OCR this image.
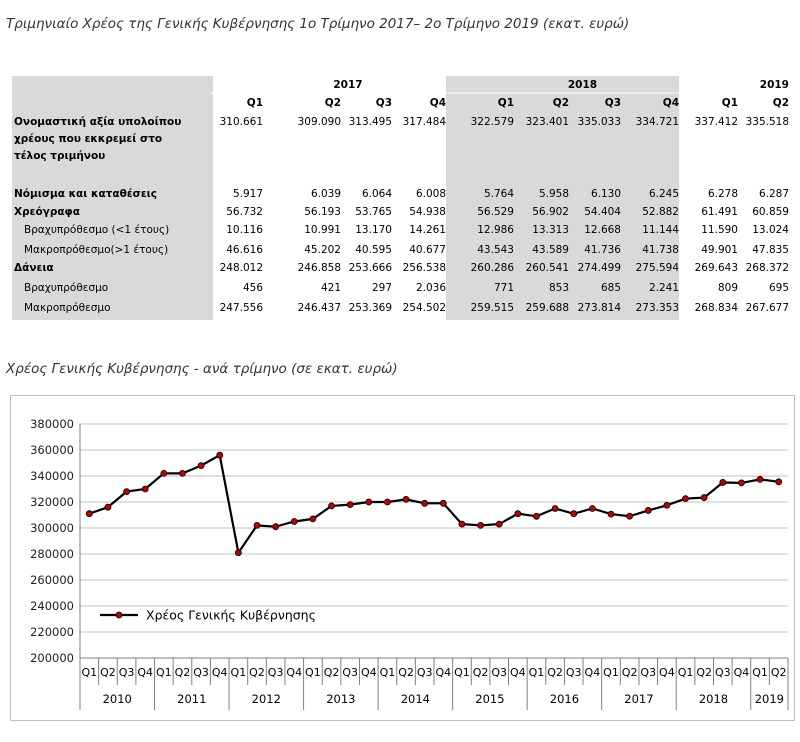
Τριμηνιαίο Χρέος της Γενικής Κυβέρνησης 1ο Τρίμηνο 2017– 2ο Τρίμηνο 2019 (εκατ. ευρώ)
2017	2018	2019
Q1	Q2	Q3	Q4	Q1	Q2	Q3	Q4	Q1	Q2
Ονομαστική αξία υπολοίπου
χρέους που εκκρεμεί στο
τέλος τριμήνου
310.661	309.090 313.495 317.484 322.579 323.401 335.033 334.721 337.412 335.518
Νόμισμα και καταθέσεις	5.917	6.039 6.064 6.008	5.764 5.958 6.130	6.245	6.278 6.287
Χρεόγραφα	56.732	56.193 53.765 54.938	56.529 56.902 54.404 52.882 61.491 60.859
Βραχυπρόθεσμο (<1 έτους)	10.116	10.991 13.170 14.261	12.986 13.313 12.668 11.144 11.590 13.024
Μακροπρόθεσμο(>1 έτους)	46.616	45.202 40.595 40.677	43.543 43.589 41.736 41.738 49.901 47.835
Δάνεια	248.012	246.858 253.666 256.538 260.286 260.541 274.499 275.594 269.643 268.372
Βραχυπρόθεσμο	456	421	297 2.036	771	853	685	2.241	809	695
Μακροπρόθεσμο	247.556	246.437 253.369 254.502 259.515 259.688 273.814 273.353 268.834 267.677
Χρέος Γενικής Κυβέρνησης - ανά τρίμηνο (σε εκατ. ευρώ)
200000
220000
240000
260000
280000
300000
320000
340000
360000
380000
Q1 Q2 Q3 Q4 Q1 Q2 Q3 Q4 Q1 Q2 Q3 Q4 Q1 Q2 Q3 Q4 Q1 Q2 Q3 Q4 Q1 Q2 Q3 Q4 Q1 Q2 Q3 Q4 Q1 Q2 Q3 Q4 Q1 Q2 Q3 Q4 Q1 Q2
2010	2011	2012	2013	2014	2015	2016	2017	2018 2019
Χρέος Γενικής Κυβέρνησης
